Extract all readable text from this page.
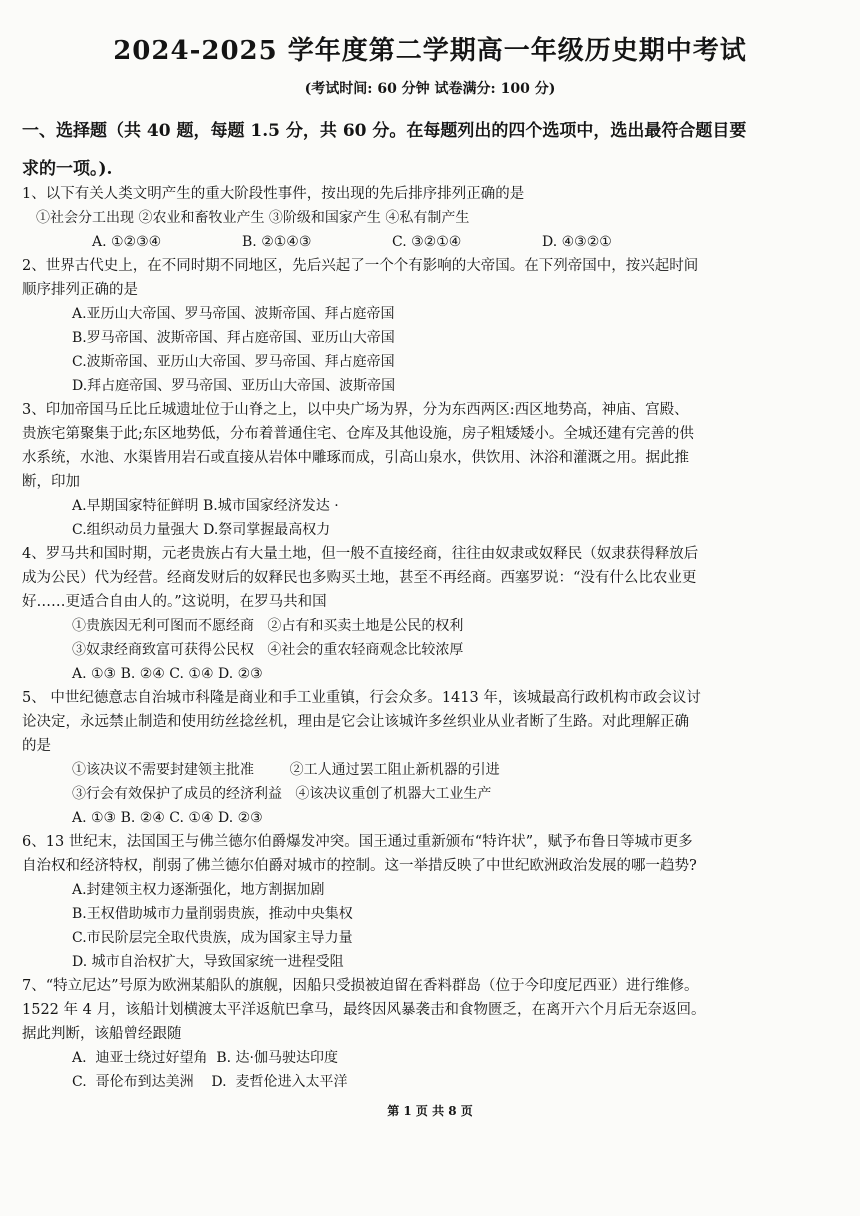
2024-2025 学年度第二学期高一年级历史期中考试
(考试时间: 60 分钟 试卷满分: 100 分)
一、选择题（共 40 题，每题 1.5 分，共 60 分。在每题列出的四个选项中，选出最符合题目要
求的一项。).
1、以下有关人类文明产生的重大阶段性事件，按出现的先后排序排列正确的是
①社会分工出现 ②农业和畜牧业产生 ③阶级和国家产生 ④私有制产生
A. ①②③④	B. ②①④③	C. ③②①④	D. ④③②①
2、世界古代史上，在不同时期不同地区，先后兴起了一个个有影响的大帝国。在下列帝国中，按兴起时间
顺序排列正确的是
A.亚历山大帝国、罗马帝国、波斯帝国、拜占庭帝国
B.罗马帝国、波斯帝国、拜占庭帝国、亚历山大帝国
C.波斯帝国、亚历山大帝国、罗马帝国、拜占庭帝国
D.拜占庭帝国、罗马帝国、亚历山大帝国、波斯帝国
3、印加帝国马丘比丘城遗址位于山脊之上，以中央广场为界，分为东西两区:西区地势高，神庙、宫殿、
贵族宅第聚集于此;东区地势低，分布着普通住宅、仓库及其他设施，房子粗矮矮小。全城还建有完善的供
水系统，水池、水渠皆用岩石或直接从岩体中雕琢而成，引高山泉水，供饮用、沐浴和灌溉之用。据此推
断，印加
A.早期国家特征鲜明 B.城市国家经济发达 ·
C.组织动员力量强大 D.祭司掌握最高权力
4、罗马共和国时期，元老贵族占有大量土地，但一般不直接经商，往往由奴隶或奴释民（奴隶获得释放后
成为公民）代为经营。经商发财后的奴释民也多购买土地，甚至不再经商。西塞罗说：“没有什么比农业更
好……更适合自由人的。”这说明，在罗马共和国
①贵族因无利可图而不愿经商   ②占有和买卖土地是公民的权利
③奴隶经商致富可获得公民权   ④社会的重农轻商观念比较浓厚
A. ①③ B. ②④ C. ①④ D. ②③
5、 中世纪德意志自治城市科隆是商业和手工业重镇，行会众多。1413 年，该城最高行政机构市政会议讨
论决定，永远禁止制造和使用纺丝捻丝机，理由是它会让该城许多丝织业从业者断了生路。对此理解正确
的是
①该决议不需要封建领主批准        ②工人通过罢工阻止新机器的引进
③行会有效保护了成员的经济利益   ④该决议重创了机器大工业生产
A. ①③ B. ②④ C. ①④ D. ②③
6、13 世纪末，法国国王与佛兰德尔伯爵爆发冲突。国王通过重新颁布“特许状”，赋予布鲁日等城市更多
自治权和经济特权，削弱了佛兰德尔伯爵对城市的控制。这一举措反映了中世纪欧洲政治发展的哪一趋势?
A.封建领主权力逐渐强化，地方割据加剧
B.王权借助城市力量削弱贵族，推动中央集权
C.市民阶层完全取代贵族，成为国家主导力量
D. 城市自治权扩大，导致国家统一进程受阻
7、“特立尼达”号原为欧洲某船队的旗舰，因船只受损被迫留在香料群岛（位于今印度尼西亚）进行维修。
1522 年 4 月，该船计划横渡太平洋返航巴拿马，最终因风暴袭击和食物匮乏，在离开六个月后无奈返回。
据此判断，该船曾经跟随
A.  迪亚士绕过好望角  B. 达·伽马驶达印度
C.  哥伦布到达美洲    D.  麦哲伦进入太平洋
第 1 页 共 8 页
